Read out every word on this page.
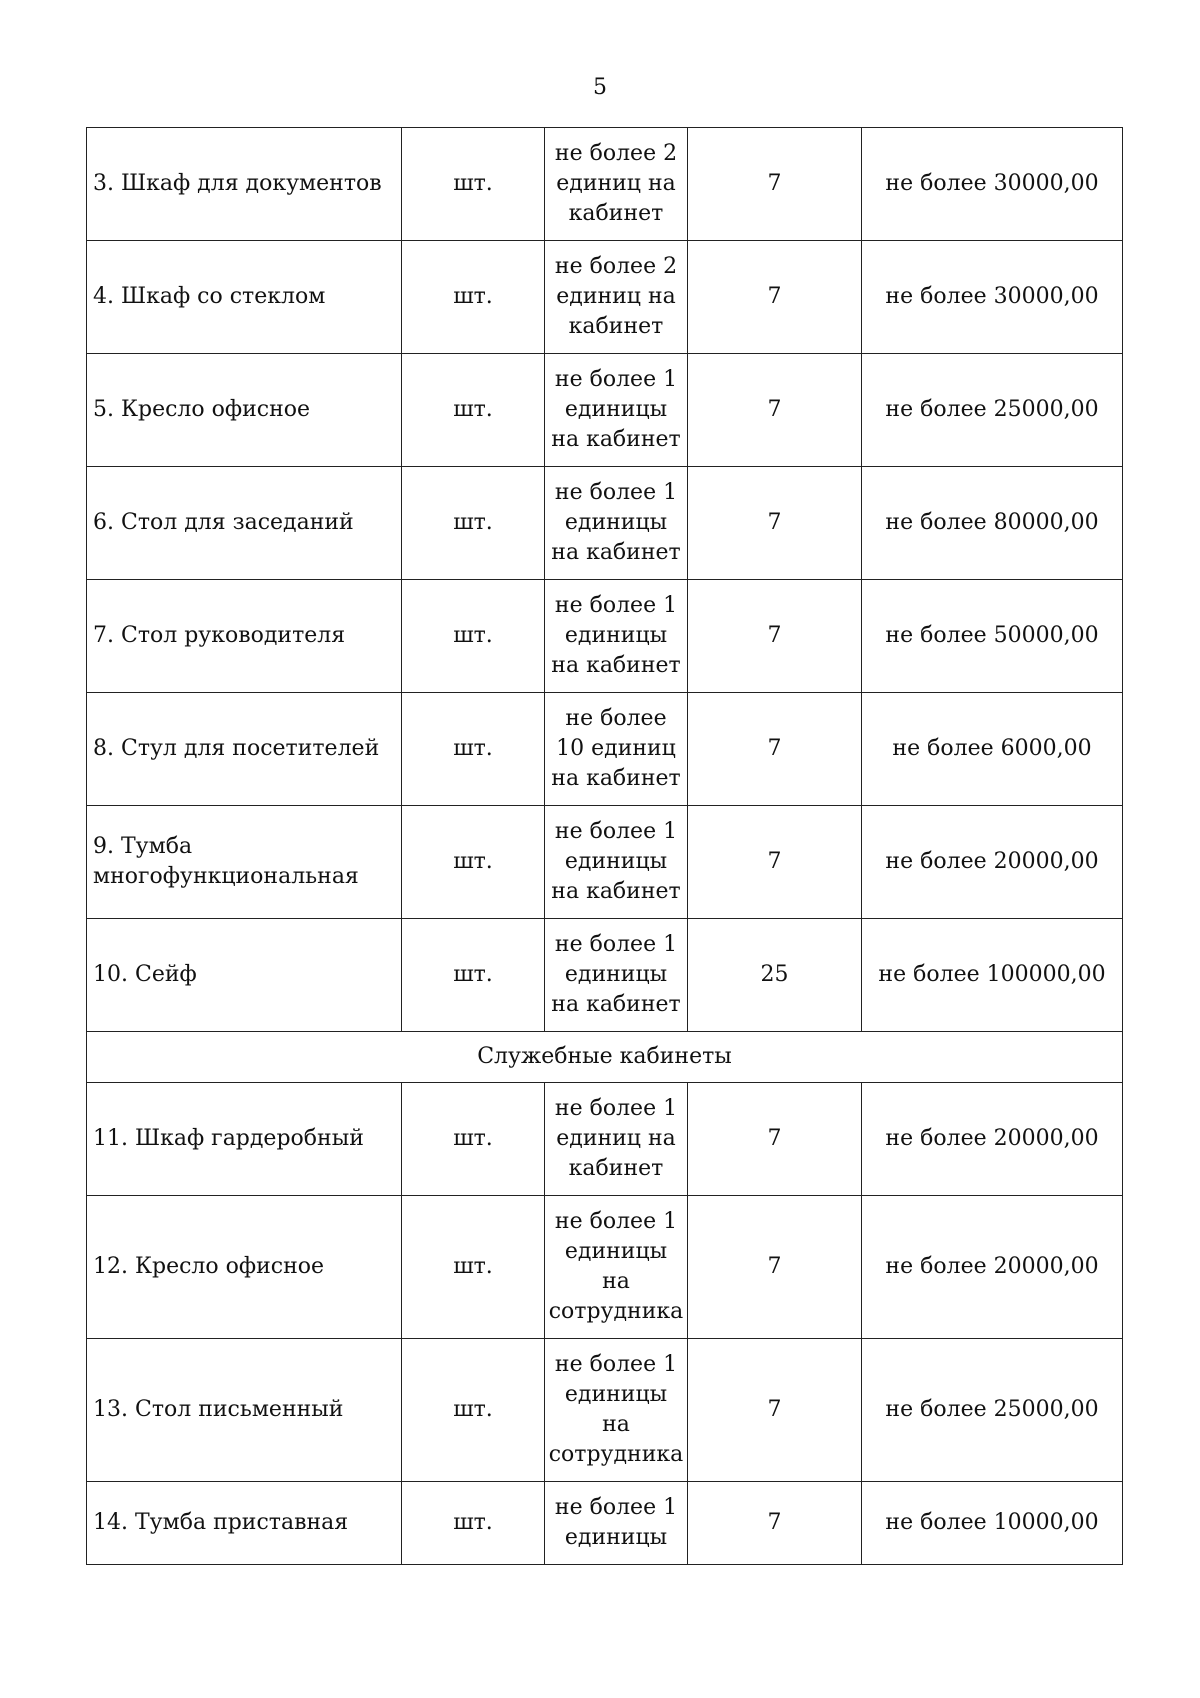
5
3. Шкаф для документов	шт.	не более 2 единиц на кабинет	7	не более 30000,00
4. Шкаф со стеклом	шт.	не более 2 единиц на кабинет	7	не более 30000,00
5. Кресло офисное	шт.	не более 1 единицы на кабинет	7	не более 25000,00
6. Стол для заседаний	шт.	не более 1 единицы на кабинет	7	не более 80000,00
7. Стол руководителя	шт.	не более 1 единицы на кабинет	7	не более 50000,00
8. Стул для посетителей	шт.	не более 10 единиц на кабинет	7	не более 6000,00
9. Тумба многофункциональная	шт.	не более 1 единицы на кабинет	7	не более 20000,00
10. Сейф	шт.	не более 1 единицы на кабинет	25	не более 100000,00
Служебные кабинеты				
11. Шкаф гардеробный	шт.	не более 1 единиц на кабинет	7	не более 20000,00
12. Кресло офисное	шт.	не более 1 единицы на сотрудника	7	не более 20000,00
13. Стол письменный	шт.	не более 1 единицы на сотрудника	7	не более 25000,00
14. Тумба приставная	шт.	не более 1 единицы	7	не более 10000,00
